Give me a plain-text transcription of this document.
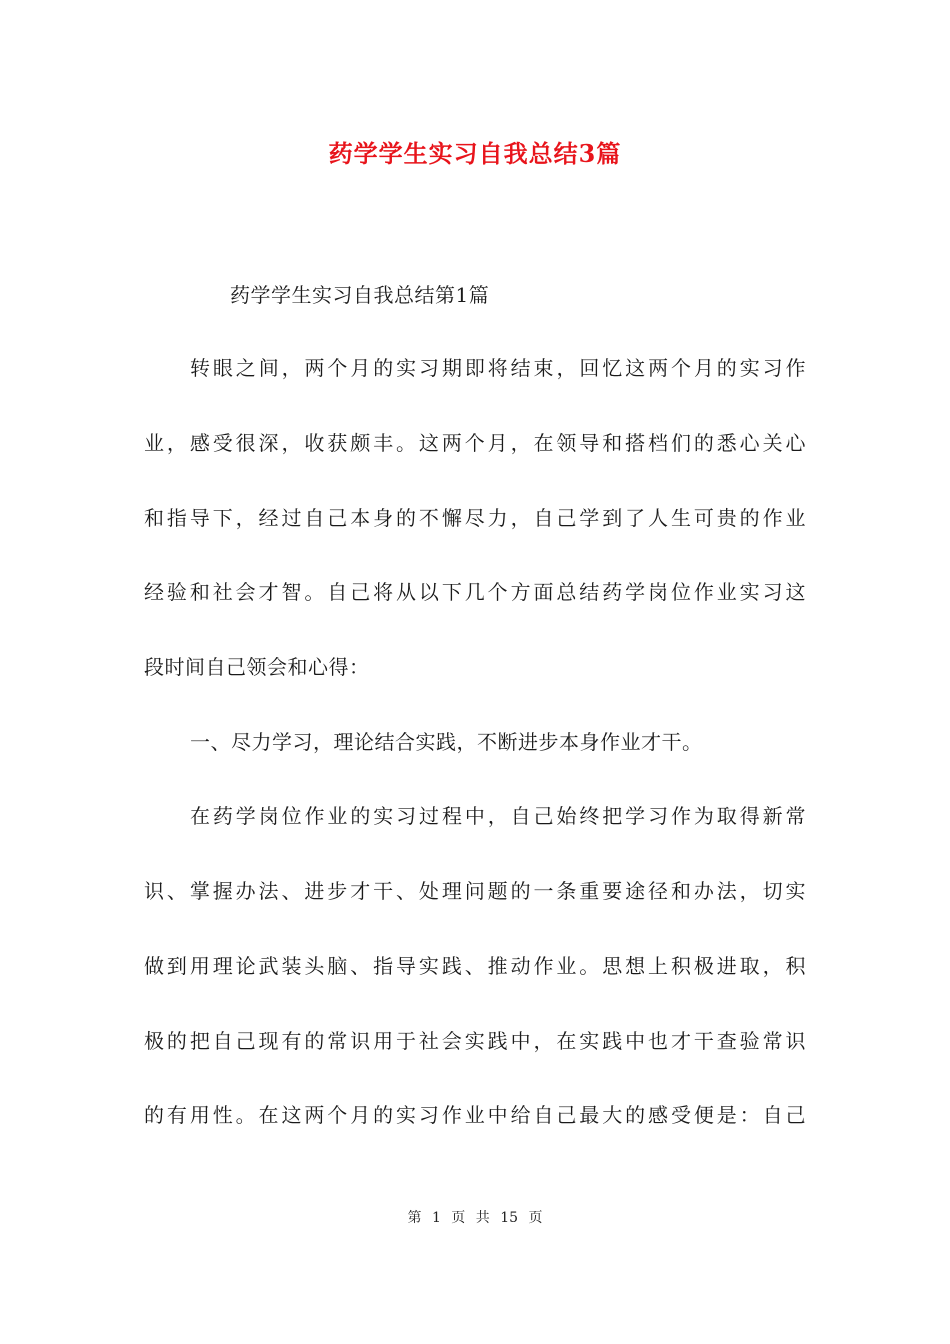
药学学生实习自我总结3篇
药学学生实习自我总结第1篇
转眼之间，两个月的实习期即将结束，回忆这两个月的实习作
业，感受很深，收获颇丰。这两个月，在领导和搭档们的悉心关心
和指导下，经过自己本身的不懈尽力，自己学到了人生可贵的作业
经验和社会才智。自己将从以下几个方面总结药学岗位作业实习这
段时间自己领会和心得：
一、尽力学习，理论结合实践，不断进步本身作业才干。
在药学岗位作业的实习过程中，自己始终把学习作为取得新常
识、掌握办法、进步才干、处理问题的一条重要途径和办法，切实
做到用理论武装头脑、指导实践、推动作业。思想上积极进取，积
极的把自己现有的常识用于社会实践中，在实践中也才干查验常识
的有用性。在这两个月的实习作业中给自己最大的感受便是：自己
第 1 页 共 15 页
